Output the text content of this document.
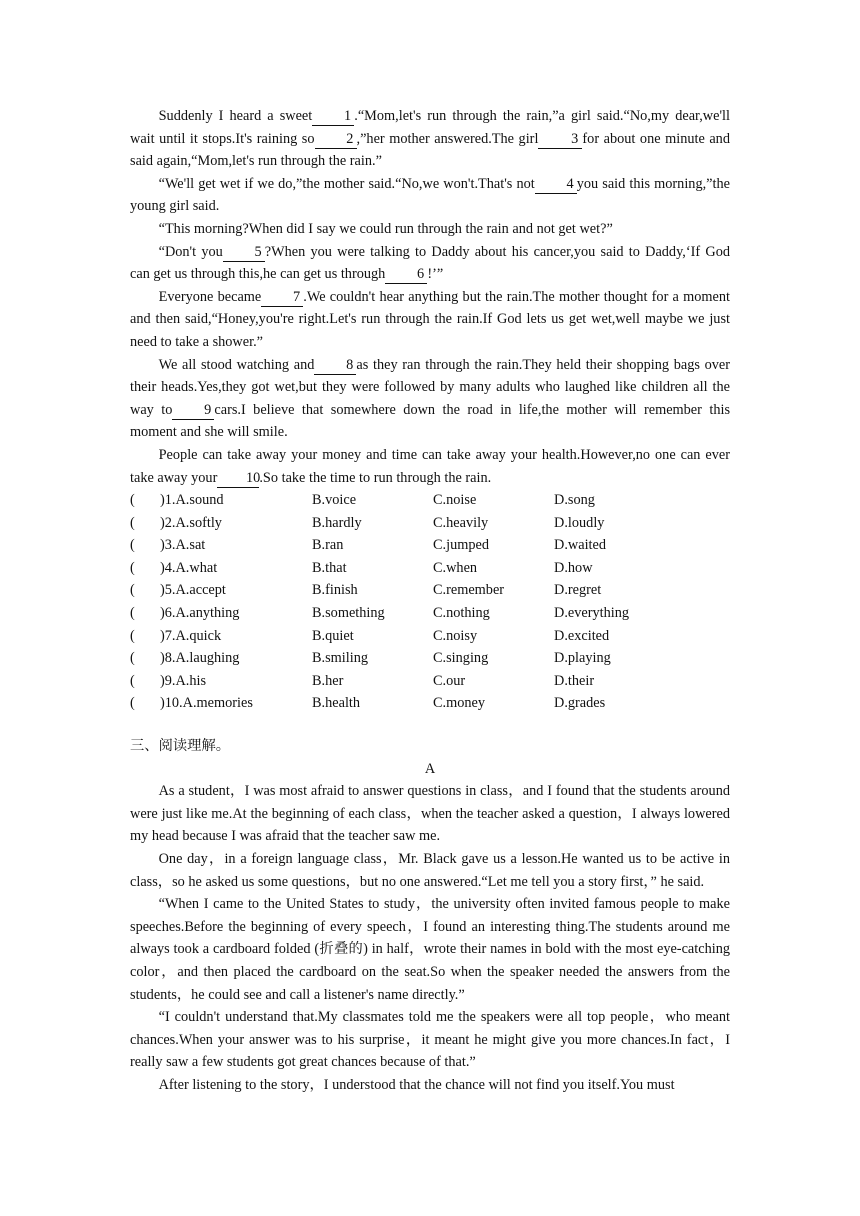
Suddenly I heard a sweet 1 .“Mom,let's run through the rain,”a girl said.“No,my dear,we'll wait until it stops.It's raining so 2 ,”her mother answered.The girl 3 for about one minute and said again,“Mom,let's run through the rain.”

“We'll get wet if we do,”the mother said.“No,we won't.That's not 4 you said this morning,”the young girl said.

“This morning?When did I say we could run through the rain and not get wet?”

“Don't you 5 ?When you were talking to Daddy about his cancer,you said to Daddy,‘If God can get us through this,he can get us through 6 !’”

Everyone became 7 .We couldn't hear anything but the rain.The mother thought for a moment and then said,“Honey,you're right.Let's run through the rain.If God lets us get wet,well maybe we just need to take a shower.”

We all stood watching and 8 as they ran through the rain.They held their shopping bags over their heads.Yes,they got wet,but they were followed by many adults who laughed like children all the way to 9 cars.I believe that somewhere down the road in life,the mother will remember this moment and she will smile.

People can take away your money and time can take away your health.However,no one can ever take away your 10.So take the time to run through the rain.

(	)1.A.sound	B.voice	C.noise	D.song
(	)2.A.softly	B.hardly	C.heavily	D.loudly
(	)3.A.sat	B.ran	C.jumped	D.waited
(	)4.A.what	B.that	C.when	D.how
(	)5.A.accept	B.finish	C.remember	D.regret
(	)6.A.anything	B.something	C.nothing	D.everything
(	)7.A.quick	B.quiet	C.noisy	D.excited
(	)8.A.laughing	B.smiling	C.singing	D.playing
(	)9.A.his	B.her	C.our	D.their
(	)10.A.memories	B.health	C.money	D.grades

三、阅读理解。

A

As a student，I was most afraid to answer questions in class，and I found that the students around were just like me.At the beginning of each class，when the teacher asked a question，I always lowered my head because I was afraid that the teacher saw me.

One day，in a foreign language class，Mr. Black gave us a lesson.He wanted us to be active in class，so he asked us some questions，but no one answered.“Let me tell you a story first，” he said.

“When I came to the United States to study，the university often invited famous people to make speeches.Before the beginning of every speech，I found an interesting thing.The students around me always took a cardboard folded (折叠的) in half，wrote their names in bold with the most eye-catching color，and then placed the cardboard on the seat.So when the speaker needed the answers from the students，he could see and call a listener's name directly.”

“I couldn't understand that.My classmates told me the speakers were all top people，who meant chances.When your answer was to his surprise，it meant he might give you more chances.In fact，I really saw a few students got great chances because of that.”

After listening to the story，I understood that the chance will not find you itself.You must
